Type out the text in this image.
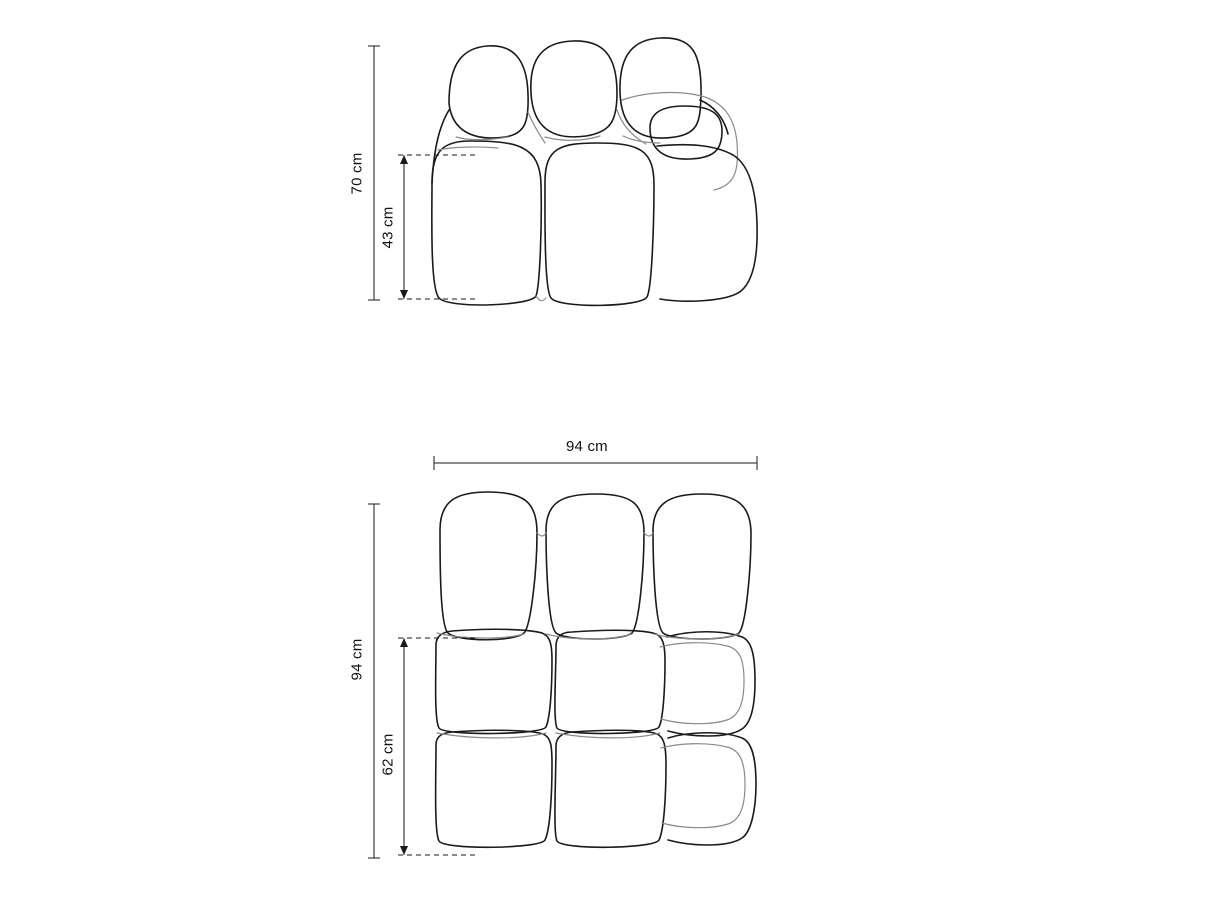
70 cm
43 cm
94 cm
94 cm
62 cm
